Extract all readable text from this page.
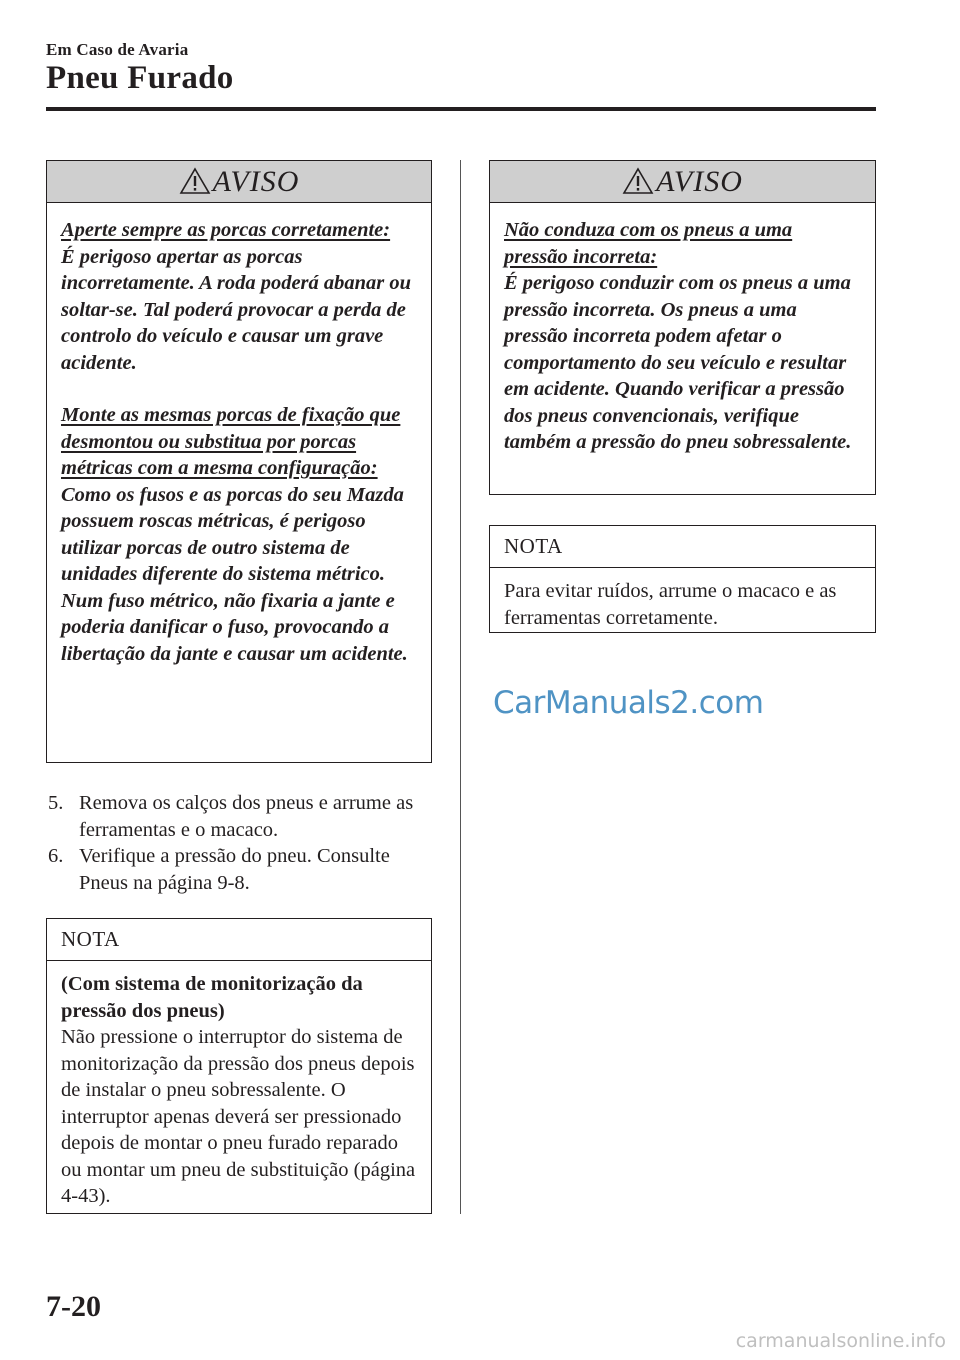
Em Caso de Avaria
Pneu Furado
AVISO
Aperte sempre as porcas corretamente:
É perigoso apertar as porcas incorretamente. A roda poderá abanar ou soltar-se. Tal poderá provocar a perda de controlo do veículo e causar um grave acidente.
Monte as mesmas porcas de fixação que desmontou ou substitua por porcas métricas com a mesma configuração:
Como os fusos e as porcas do seu Mazda possuem roscas métricas, é perigoso utilizar porcas de outro sistema de unidades diferente do sistema métrico. Num fuso métrico, não fixaria a jante e poderia danificar o fuso, provocando a libertação da jante e causar um acidente.
5. Remova os calços dos pneus e arrume as ferramentas e o macaco.
6. Verifique a pressão do pneu. Consulte Pneus na página 9-8.
NOTA
(Com sistema de monitorização da pressão dos pneus)
Não pressione o interruptor do sistema de monitorização da pressão dos pneus depois de instalar o pneu sobressalente. O interruptor apenas deverá ser pressionado depois de montar o pneu furado reparado ou montar um pneu de substituição (página 4-43).
AVISO
Não conduza com os pneus a uma pressão incorreta:
É perigoso conduzir com os pneus a uma pressão incorreta. Os pneus a uma pressão incorreta podem afetar o comportamento do seu veículo e resultar em acidente. Quando verificar a pressão dos pneus convencionais, verifique também a pressão do pneu sobressalente.
NOTA
Para evitar ruídos, arrume o macaco e as ferramentas corretamente.
CarManuals2.com
7-20
carmanualsonline.info
